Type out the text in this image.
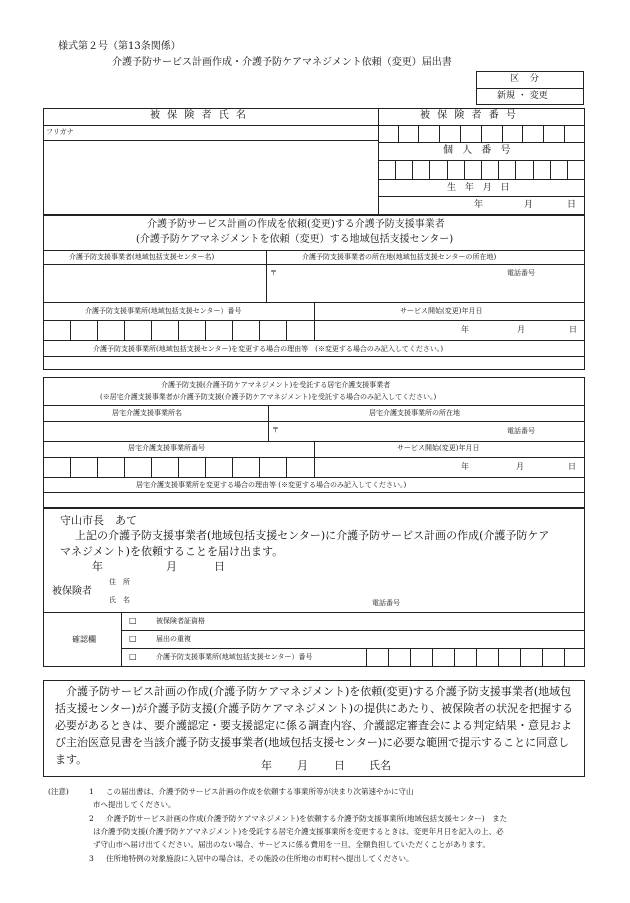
様式第２号（第13条関係）
介護予防サービス計画作成・介護予防ケアマネジメント依頼（変更）届出書
区 分
新規 ・ 変更
被 保 険 者 氏 名
フリガナ
被 保 険 者 番 号
個 人 番 号
生 年 月 日
年	月	日
介護予防サービス計画の作成を依頼(変更)する介護予防支援事業者
(介護予防ケアマネジメントを依頼（変更）する地域包括支援センター)
介護予防支援事業者(地域包括支援センター名)	介護予防支援事業者の所在地(地域包括支援センターの所在地)
〒	電話番号
介護予防支援事業所(地域包括支援センター）番号	サービス開始(変更)年月日
年	月	日
介護予防支援事業所(地域包括支援センター)を変更する場合の理由等　(※変更する場合のみ記入してください。)
介護予防支援(介護予防ケアマネジメント)を受託する居宅介護支援事業者
(※居宅介護支援事業者が介護予防支援(介護予防ケアマネジメント)を受託する場合のみ記入してください。)
居宅介護支援事業所名	居宅介護支援事業所の所在地
〒	電話番号
居宅介護支援事業所番号	サービス開始(変更)年月日
年	月	日
居宅介護支援事業所を変更する場合の理由等 (※変更する場合のみ記入してください。)
守山市長　あて
上記の介護予防支援事業者(地域包括支援センター)に介護予防サービス計画の作成(介護予防ケア
マネジメント)を依頼することを届け出ます。
年	月	日
被保険者
住　所
氏　名	電話番号
確認欄
□	被保険者証資格
□	届出の重複
□	介護予防支援事業所(地域包括支援センター）番号
介護予防サービス計画の作成(介護予防ケアマネジメント)を依頼(変更)する介護予防支援事業者(地域包括支援センター)が介護予防支援(介護予防ケアマネジメント)の提供にあたり、被保険者の状況を把握する必要があるときは、要介護認定・要支援認定に係る調査内容、介護認定審査会による判定結果・意見および主治医意見書を当該介護予防支援事業者(地域包括支援センター)に必要な範囲で提示することに同意します。	年 月 日 氏名
(注意)	1 この届出書は、介護予防サービス計画の作成を依頼する事業所等が決まり次第速やかに守山
市へ提出してください。
2 介護予防サービス計画の作成(介護予防ケアマネジメント)を依頼する介護予防支援事業所(地域包括支援センター)　また
は介護予防支援(介護予防ケアマネジメント)を受託する居宅介護支援事業所を変更するときは、変更年月日を記入の上、必
ず守山市へ届け出てください。届出のない場合、サービスに係る費用を一旦、全額負担していただくことがあります。
3 住所地特例の対象施設に入居中の場合は、その施設の住所地の市町村へ提出してください。
